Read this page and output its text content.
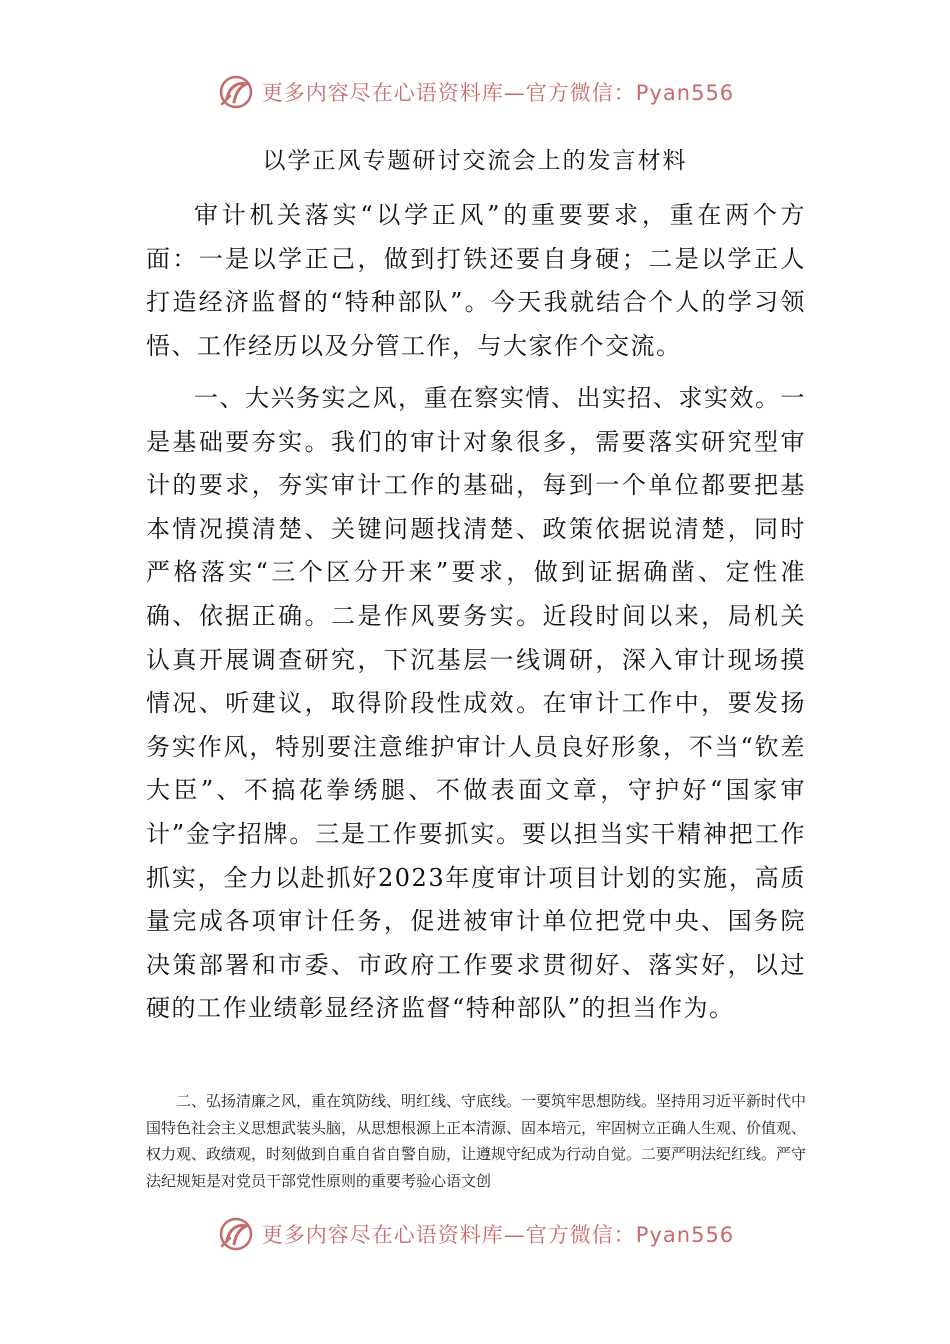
更多内容尽在心语资料库—官方微信：Pyan556
以学正风专题研讨交流会上的发言材料

审计机关落实“以学正风”的重要要求，重在两个方面：一是以学正己，做到打铁还要自身硬；二是以学正人打造经济监督的“特种部队”。今天我就结合个人的学习领悟、工作经历以及分管工作，与大家作个交流。

一、大兴务实之风，重在察实情、出实招、求实效。一是基础要夯实。我们的审计对象很多，需要落实研究型审计的要求，夯实审计工作的基础，每到一个单位都要把基本情况摸清楚、关键问题找清楚、政策依据说清楚，同时严格落实“三个区分开来”要求，做到证据确凿、定性准确、依据正确。二是作风要务实。近段时间以来，局机关认真开展调查研究，下沉基层一线调研，深入审计现场摸情况、听建议，取得阶段性成效。在审计工作中，要发扬务实作风，特别要注意维护审计人员良好形象，不当“钦差大臣”、不搞花拳绣腿、不做表面文章，守护好“国家审计”金字招牌。三是工作要抓实。要以担当实干精神把工作抓实，全力以赴抓好2023年度审计项目计划的实施，高质量完成各项审计任务，促进被审计单位把党中央、国务院决策部署和市委、市政府工作要求贯彻好、落实好，以过硬的工作业绩彰显经济监督“特种部队”的担当作为。

二、弘扬清廉之风，重在筑防线、明红线、守底线。一要筑牢思想防线。坚持用习近平新时代中国特色社会主义思想武装头脑，从思想根源上正本清源、固本培元，牢固树立正确人生观、价值观、权力观、政绩观，时刻做到自重自省自警自励，让遵规守纪成为行动自觉。二要严明法纪红线。严守法纪规矩是对党员干部党性原则的重要考验心语文创

更多内容尽在心语资料库—官方微信：Pyan556
